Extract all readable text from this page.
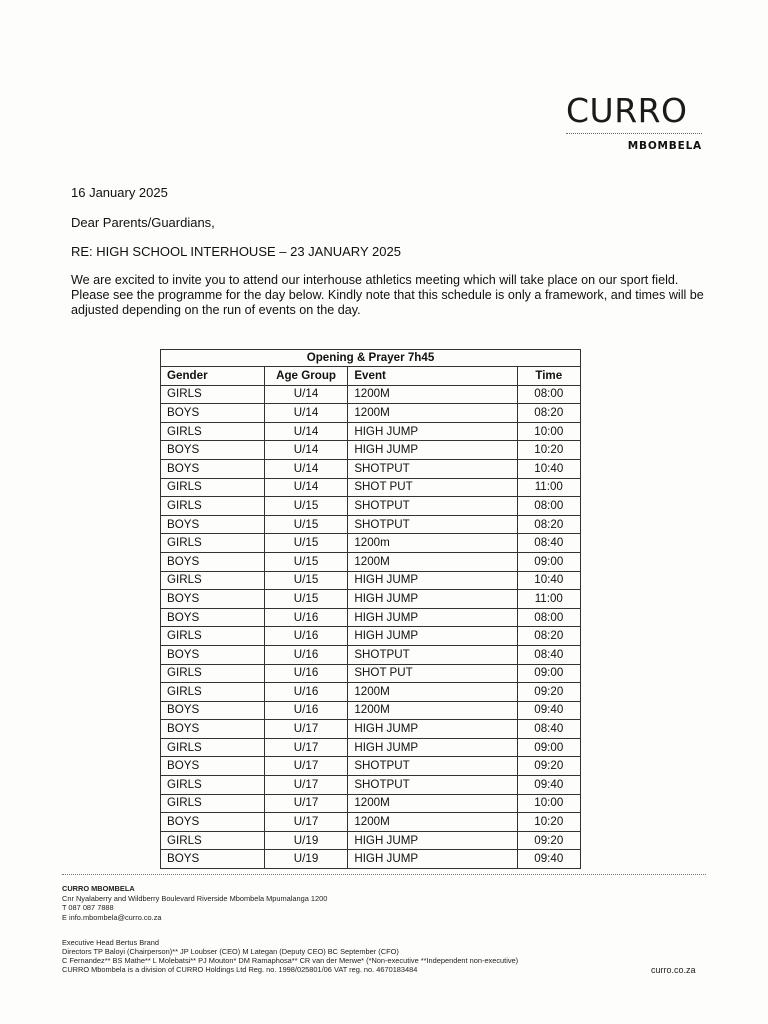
CURRO
MBOMBELA
16 January 2025
Dear Parents/Guardians,
RE: HIGH SCHOOL INTERHOUSE – 23 JANUARY 2025

We are excited to invite you to attend our interhouse athletics meeting which will take place on our sport field. Please see the programme for the day below. Kindly note that this schedule is only a framework, and times will be adjusted depending on the run of events on the day.

Opening & Prayer 7h45			
Gender	Age Group	Event	Time
GIRLS	U/14	1200M	08:00
BOYS	U/14	1200M	08:20
GIRLS	U/14	HIGH JUMP	10:00
BOYS	U/14	HIGH JUMP	10:20
BOYS	U/14	SHOTPUT	10:40
GIRLS	U/14	SHOT PUT	11:00
GIRLS	U/15	SHOTPUT	08:00
BOYS	U/15	SHOTPUT	08:20
GIRLS	U/15	1200m	08:40
BOYS	U/15	1200M	09:00
GIRLS	U/15	HIGH JUMP	10:40
BOYS	U/15	HIGH JUMP	11:00
BOYS	U/16	HIGH JUMP	08:00
GIRLS	U/16	HIGH JUMP	08:20
BOYS	U/16	SHOTPUT	08:40
GIRLS	U/16	SHOT PUT	09:00
GIRLS	U/16	1200M	09:20
BOYS	U/16	1200M	09:40
BOYS	U/17	HIGH JUMP	08:40
GIRLS	U/17	HIGH JUMP	09:00
BOYS	U/17	SHOTPUT	09:20
GIRLS	U/17	SHOTPUT	09:40
GIRLS	U/17	1200M	10:00
BOYS	U/17	1200M	10:20
GIRLS	U/19	HIGH JUMP	09:20
BOYS	U/19	HIGH JUMP	09:40
CURRO MBOMBELA
Cnr Nyalaberry and Wildberry Boulevard Riverside Mbombela Mpumalanga 1200
T 087 087 7888
E info.mbombela@curro.co.za
Executive Head Bertus Brand
Directors TP Baloyi (Chairperson)** JP Loubser (CEO) M Lategan (Deputy CEO) BC September (CFO)
C Fernandez** BS Mathe** L Molebatsi** PJ Mouton* DM Ramaphosa** CR van der Merwe* (*Non-executive **Independent non-executive)
CURRO Mbombela is a division of CURRO Holdings Ltd Reg. no. 1998/025801/06 VAT reg. no. 4670183484	curro.co.za
